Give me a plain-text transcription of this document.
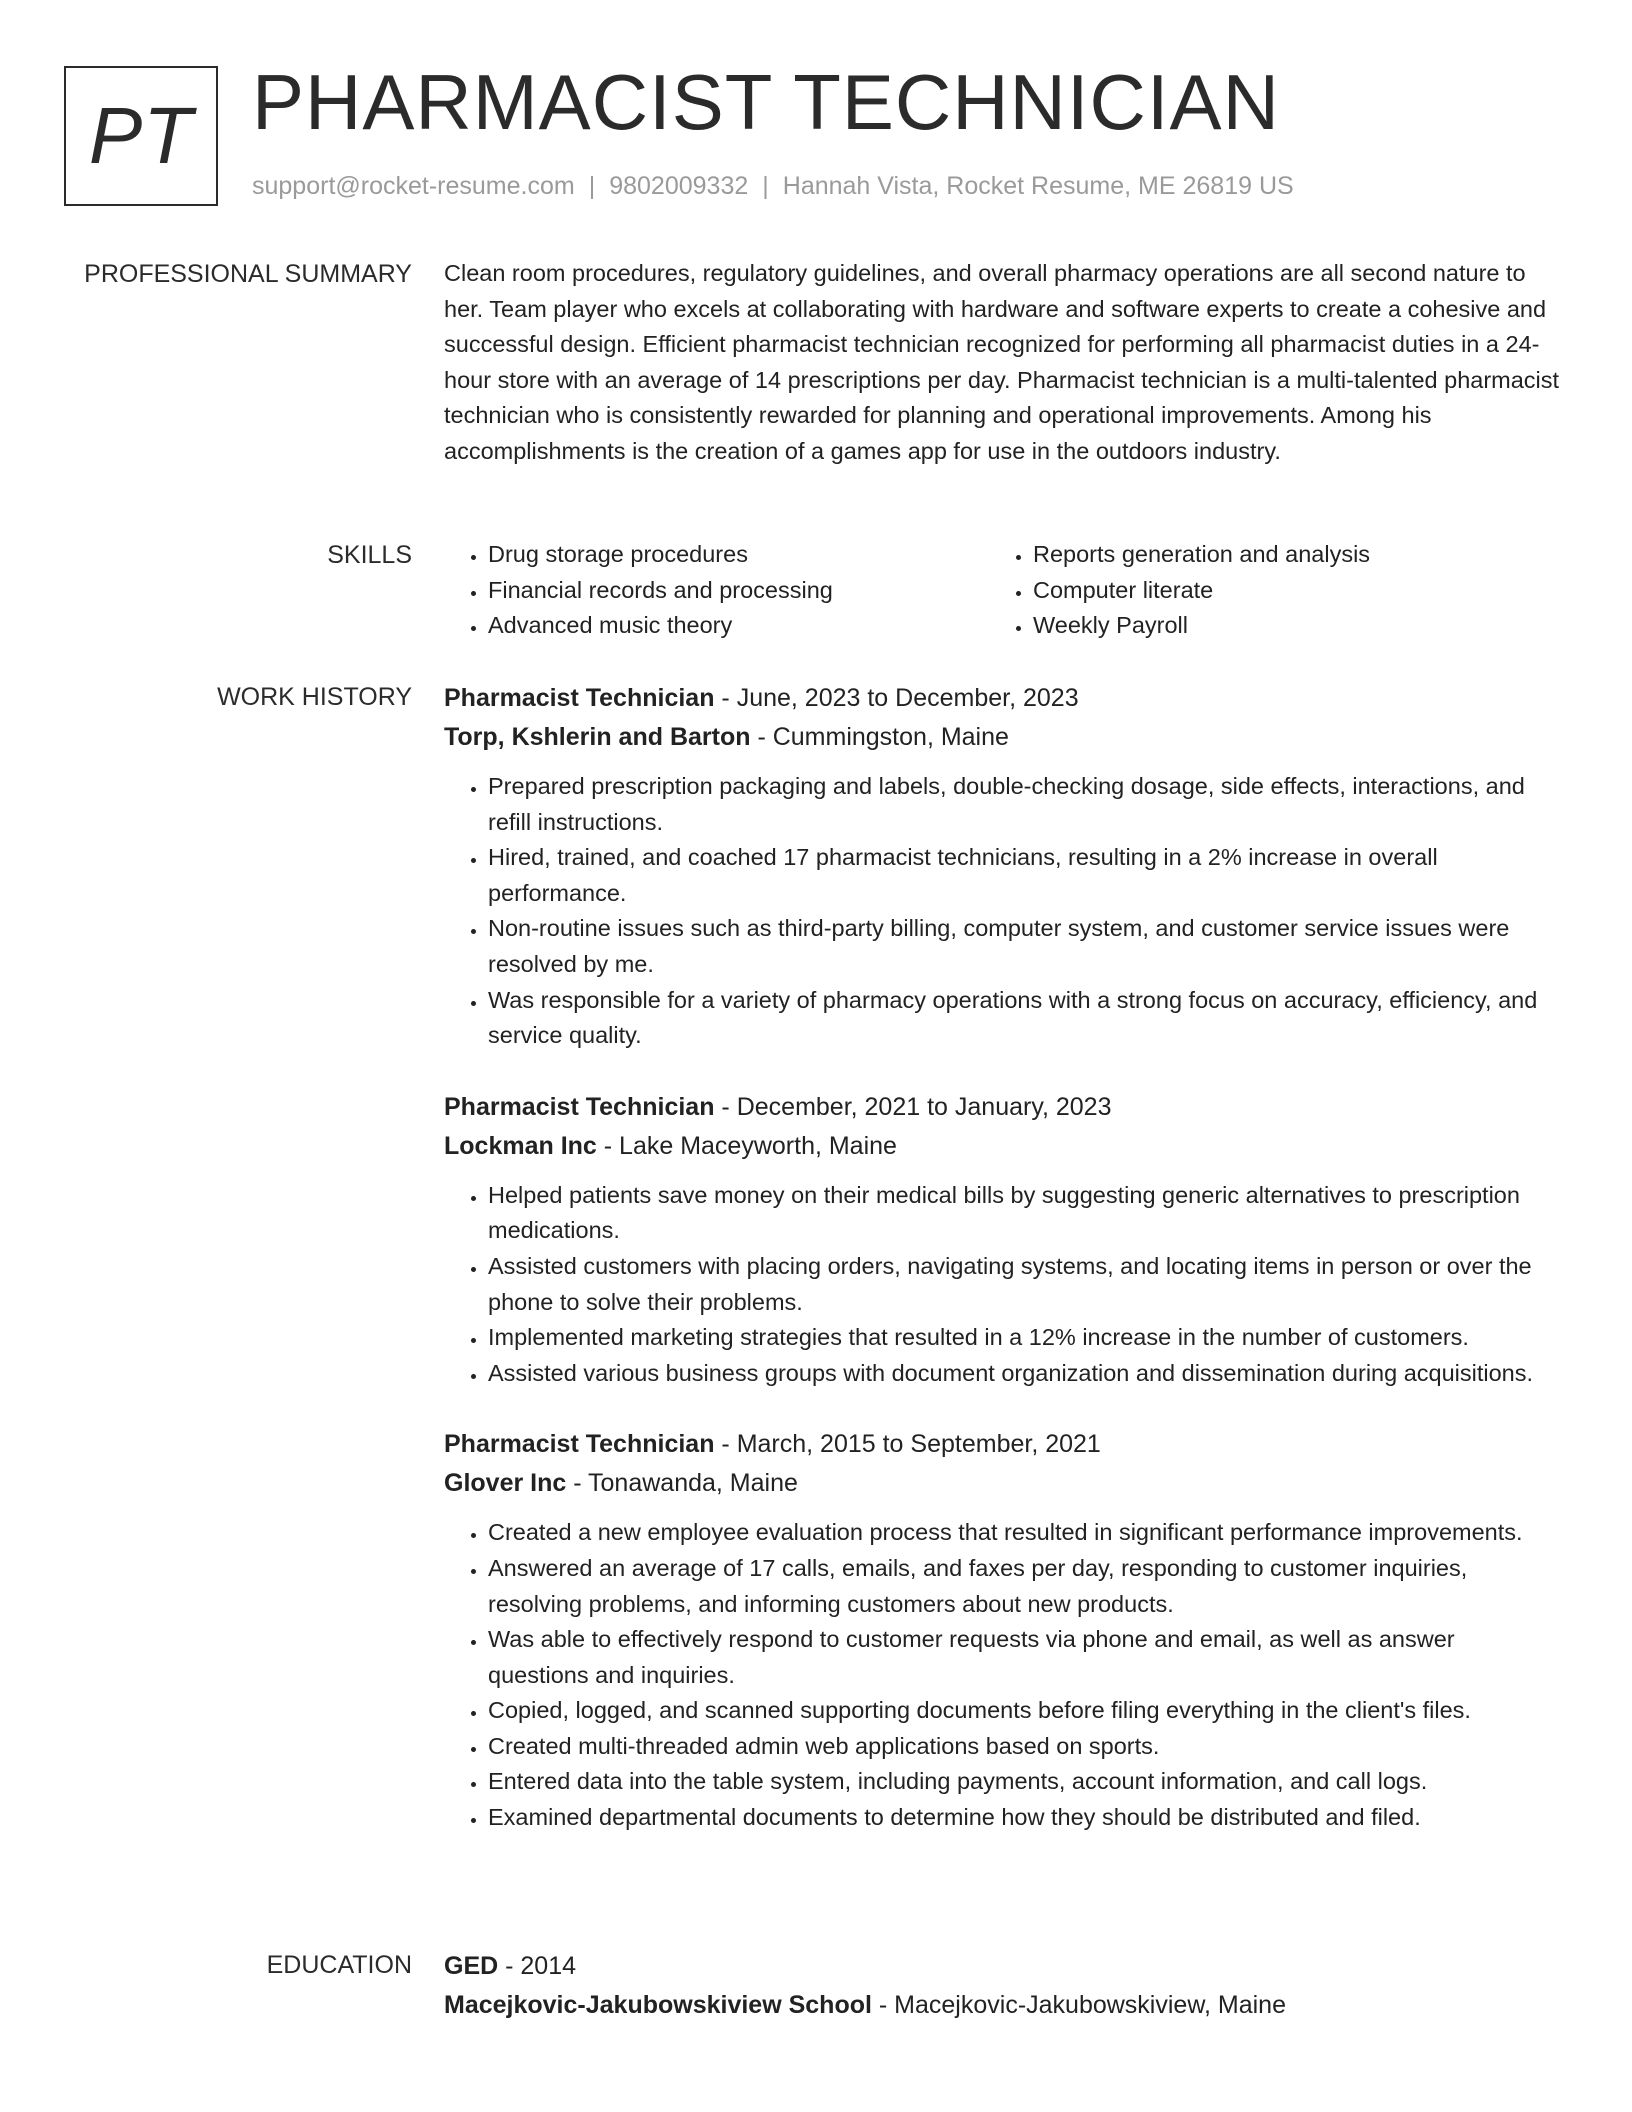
PT PHARMACIST TECHNICIAN
support@rocket-resume.com | 9802009332 | Hannah Vista, Rocket Resume, ME 26819 US
PROFESSIONAL SUMMARY Clean room procedures, regulatory guidelines, and overall pharmacy operations are all second nature to her. Team player who excels at collaborating with hardware and software experts to create a cohesive and successful design. Efficient pharmacist technician recognized for performing all pharmacist duties in a 24-hour store with an average of 14 prescriptions per day. Pharmacist technician is a multi-talented pharmacist technician who is consistently rewarded for planning and operational improvements. Among his accomplishments is the creation of a games app for use in the outdoors industry.

SKILLS
•	Drug storage procedures
• Financial records and processing
• Advanced music theory
• Reports generation and analysis
• Computer literate
• Weekly Payroll
WORK HISTORY Pharmacist Technician - June, 2023 to December, 2023
Torp, Kshlerin and Barton - Cummingston, Maine
• Prepared prescription packaging and labels, double-checking dosage, side effects, interactions, and refill instructions.
• Hired, trained, and coached 17 pharmacist technicians, resulting in a 2% increase in overall performance.
• Non-routine issues such as third-party billing, computer system, and customer service issues were resolved by me.
• Was responsible for a variety of pharmacy operations with a strong focus on accuracy, efficiency, and service quality.
Pharmacist Technician - December, 2021 to January, 2023
Lockman Inc - Lake Maceyworth, Maine
• Helped patients save money on their medical bills by suggesting generic alternatives to prescription medications.
• Assisted customers with placing orders, navigating systems, and locating items in person or over the phone to solve their problems.
• Implemented marketing strategies that resulted in a 12% increase in the number of customers.
• Assisted various business groups with document organization and dissemination during acquisitions.
Pharmacist Technician - March, 2015 to September, 2021
Glover Inc - Tonawanda, Maine
• Created a new employee evaluation process that resulted in significant performance improvements.
• Answered an average of 17 calls, emails, and faxes per day, responding to customer inquiries, resolving problems, and informing customers about new products.
• Was able to effectively respond to customer requests via phone and email, as well as answer questions and inquiries.
• Copied, logged, and scanned supporting documents before filing everything in the client's files.
• Created multi-threaded admin web applications based on sports.
• Entered data into the table system, including payments, account information, and call logs.
• Examined departmental documents to determine how they should be distributed and filed.
EDUCATION GED - 2014
Macejkovic-Jakubowskiview School - Macejkovic-Jakubowskiview, Maine
